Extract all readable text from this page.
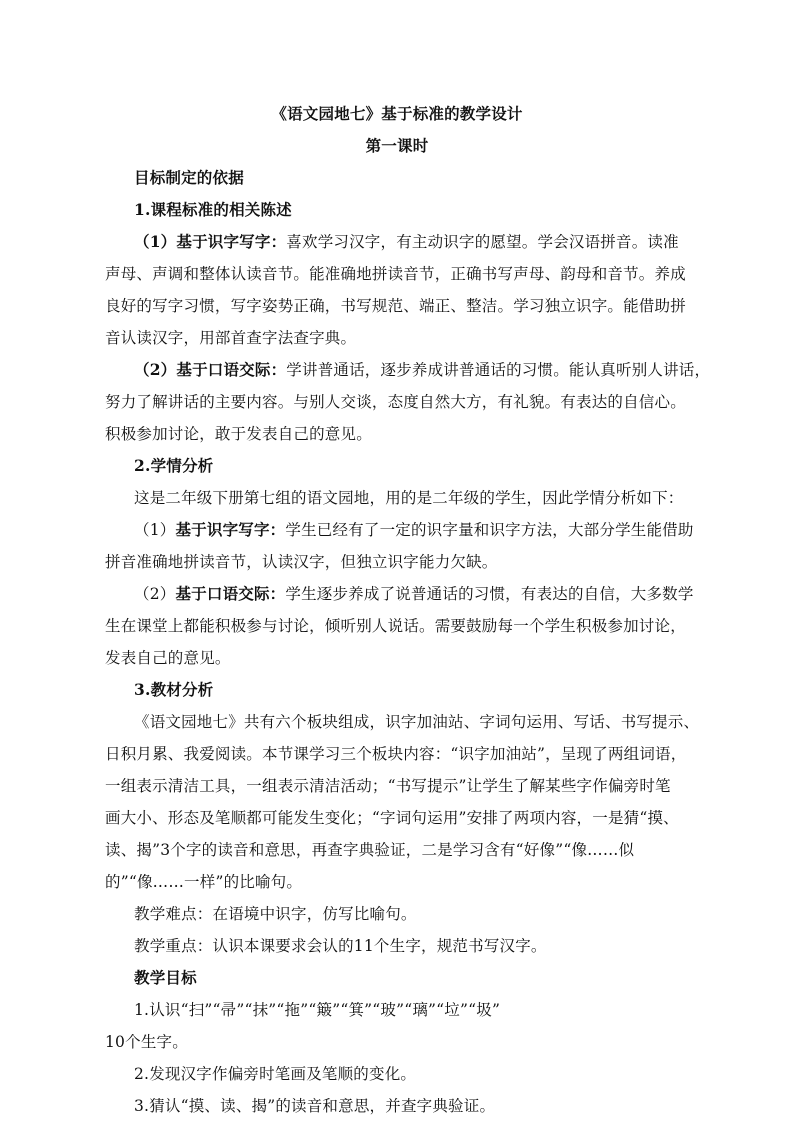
《语文园地七》基于标准的教学设计
第一课时
目标制定的依据
1.课程标准的相关陈述
（1）基于识字写字：喜欢学习汉字，有主动识字的愿望。学会汉语拼音。读准
声母、声调和整体认读音节。能准确地拼读音节，正确书写声母、韵母和音节。养成
良好的写字习惯，写字姿势正确，书写规范、端正、整洁。学习独立识字。能借助拼
音认读汉字，用部首查字法查字典。
（2）基于口语交际：学讲普通话，逐步养成讲普通话的习惯。能认真听别人讲话，
努力了解讲话的主要内容。与别人交谈，态度自然大方，有礼貌。有表达的自信心。
积极参加讨论，敢于发表自己的意见。
2.学情分析
这是二年级下册第七组的语文园地，用的是二年级的学生，因此学情分析如下：
（1）基于识字写字：学生已经有了一定的识字量和识字方法，大部分学生能借助
拼音准确地拼读音节，认读汉字，但独立识字能力欠缺。
（2）基于口语交际：学生逐步养成了说普通话的习惯，有表达的自信，大多数学
生在课堂上都能积极参与讨论，倾听别人说话。需要鼓励每一个学生积极参加讨论，
发表自己的意见。
3.教材分析
《语文园地七》共有六个板块组成，识字加油站、字词句运用、写话、书写提示、
日积月累、我爱阅读。本节课学习三个板块内容：“识字加油站”，呈现了两组词语，
一组表示清洁工具，一组表示清洁活动；“书写提示”让学生了解某些字作偏旁时笔
画大小、形态及笔顺都可能发生变化；“字词句运用”安排了两项内容，一是猜“摸、
读、揭”3个字的读音和意思，再查字典验证，二是学习含有“好像”“像……似
的”“像……一样”的比喻句。
教学难点：在语境中识字，仿写比喻句。
教学重点：认识本课要求会认的11个生字，规范书写汉字。
教学目标
1.认识“扫”“帚”“抹”“拖”“簸”“箕”“玻”“璃”“垃”“圾”
10个生字。
2.发现汉字作偏旁时笔画及笔顺的变化。
3.猜认“摸、读、揭”的读音和意思，并查字典验证。
